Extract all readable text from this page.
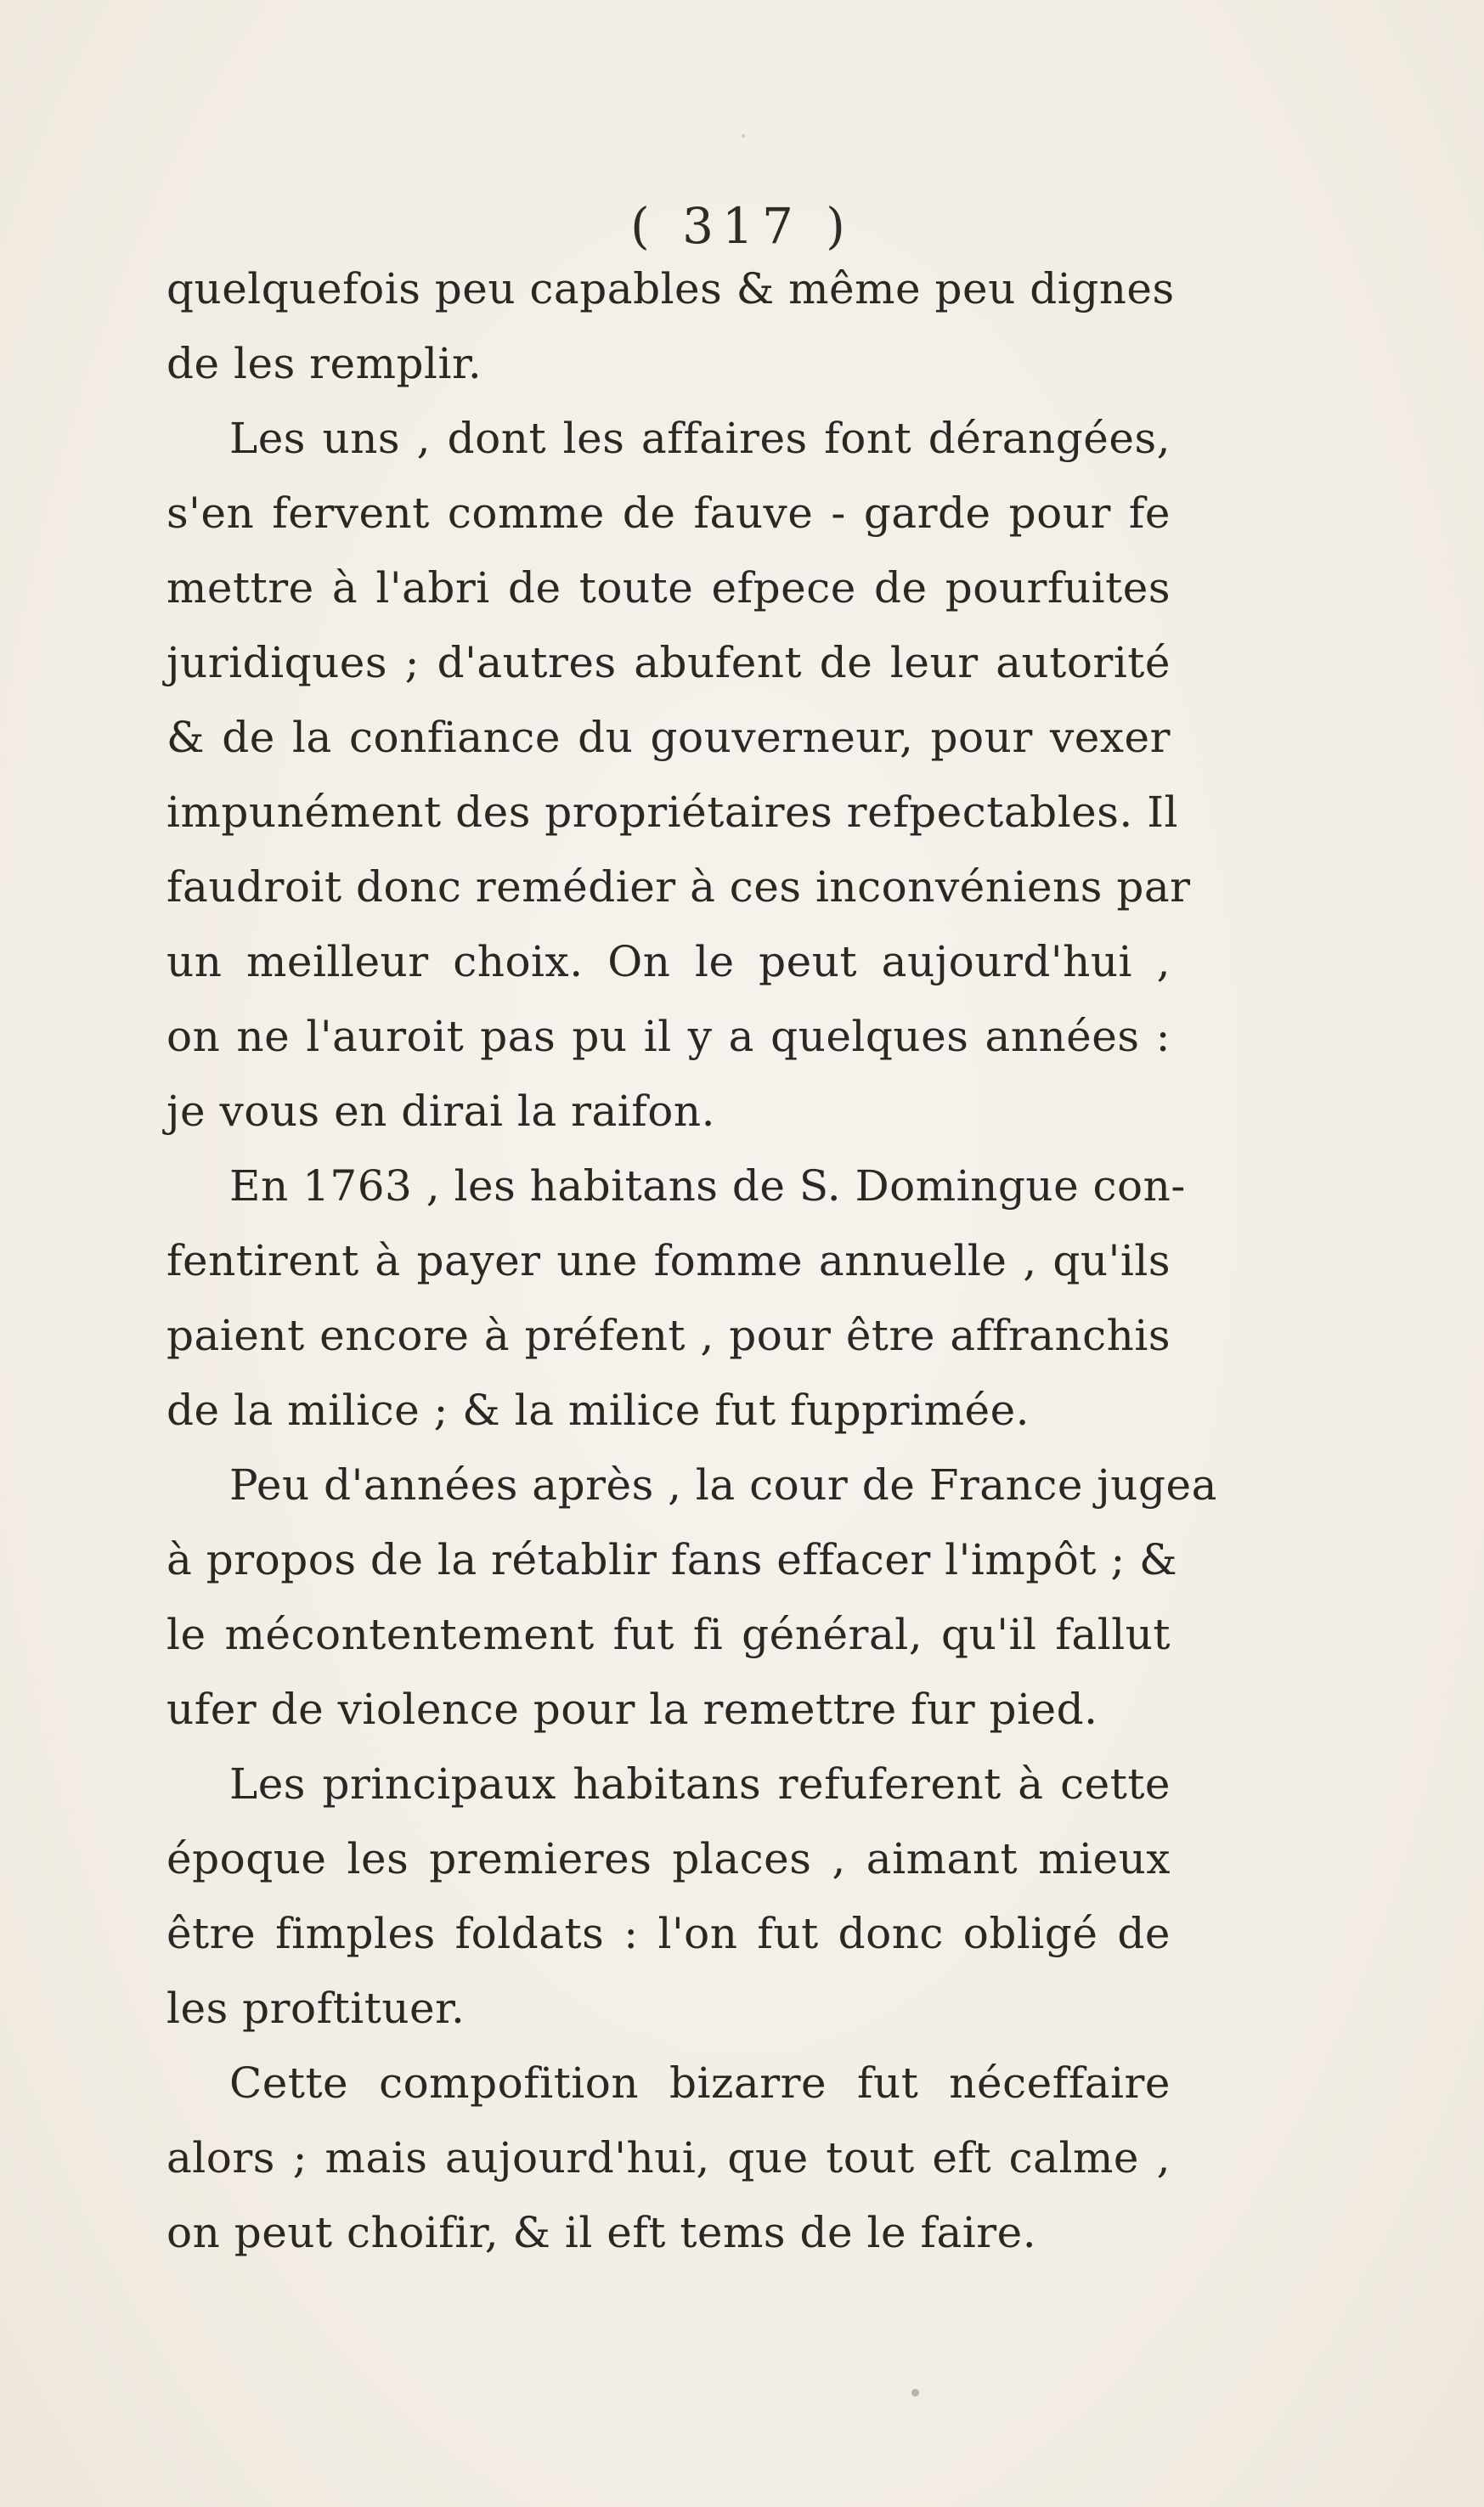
( 317 )
quelquefois peu capables & même peu dignes
de les remplir.
Les uns , dont les affaires font dérangées,
s'en fervent comme de fauve - garde pour fe
mettre à l'abri de toute efpece de pourfuites
juridiques ; d'autres abufent de leur autorité
& de la confiance du gouverneur, pour vexer
impunément des propriétaires refpectables. Il
faudroit donc remédier à ces inconvéniens par
un meilleur choix. On le peut aujourd'hui ,
on ne l'auroit pas pu il y a quelques années :
je vous en dirai la raifon.
En 1763 , les habitans de S. Domingue con-
fentirent à payer une fomme annuelle , qu'ils
paient encore à préfent , pour être affranchis
de la milice ; & la milice fut fupprimée.
Peu d'années après , la cour de France jugea
à propos de la rétablir fans effacer l'impôt ; &
le mécontentement fut fi général, qu'il fallut
ufer de violence pour la remettre fur pied.
Les principaux habitans refuferent à cette
époque les premieres places , aimant mieux
être fimples foldats : l'on fut donc obligé de
les proftituer.
Cette compofition bizarre fut néceffaire
alors ; mais aujourd'hui, que tout eft calme ,
on peut choifir, & il eft tems de le faire.
